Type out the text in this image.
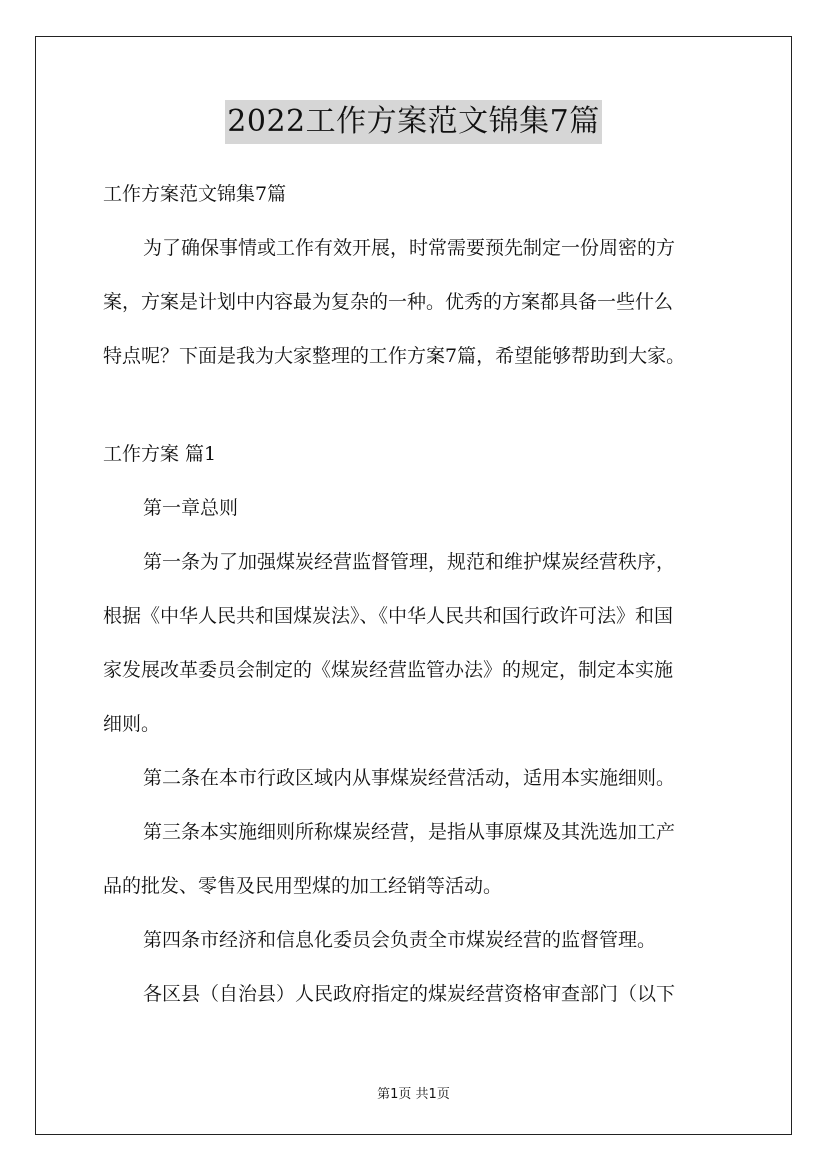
2022工作方案范文锦集7篇

工作方案范文锦集7篇

为了确保事情或工作有效开展，时常需要预先制定一份周密的方

案，方案是计划中内容最为复杂的一种。优秀的方案都具备一些什么

特点呢？下面是我为大家整理的工作方案7篇，希望能够帮助到大家。

工作方案 篇1

第一章总则

第一条为了加强煤炭经营监督管理，规范和维护煤炭经营秩序，

根据《中华人民共和国煤炭法》、《中华人民共和国行政许可法》和国

家发展改革委员会制定的《煤炭经营监管办法》的规定，制定本实施

细则。

第二条在本市行政区域内从事煤炭经营活动，适用本实施细则。

第三条本实施细则所称煤炭经营，是指从事原煤及其洗选加工产

品的批发、零售及民用型煤的加工经销等活动。

第四条市经济和信息化委员会负责全市煤炭经营的监督管理。

各区县（自治县）人民政府指定的煤炭经营资格审查部门（以下

第1页 共1页
